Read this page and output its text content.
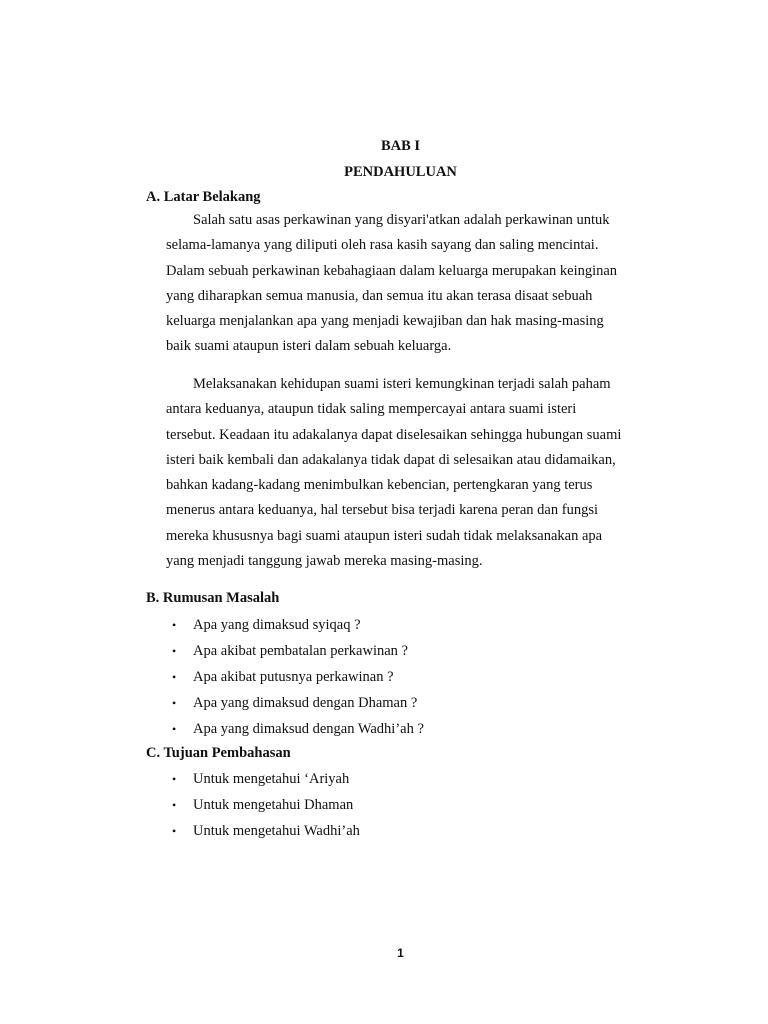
BAB I
PENDAHULUAN
A. Latar Belakang
Salah satu asas perkawinan yang disyari'atkan adalah perkawinan untuk
selama-lamanya yang diliputi oleh rasa kasih sayang dan saling mencintai.
Dalam sebuah perkawinan kebahagiaan dalam keluarga merupakan keinginan
yang diharapkan semua manusia, dan semua itu akan terasa disaat sebuah
keluarga menjalankan apa yang menjadi kewajiban dan hak masing-masing
baik suami ataupun isteri dalam sebuah keluarga.
Melaksanakan kehidupan suami isteri kemungkinan terjadi salah paham
antara keduanya, ataupun tidak saling mempercayai antara suami isteri
tersebut. Keadaan itu adakalanya dapat diselesaikan sehingga hubungan suami
isteri baik kembali dan adakalanya tidak dapat di selesaikan atau didamaikan,
bahkan kadang-kadang menimbulkan kebencian, pertengkaran yang terus
menerus antara keduanya, hal tersebut bisa terjadi karena peran dan fungsi
mereka khususnya bagi suami ataupun isteri sudah tidak melaksanakan apa
yang menjadi tanggung jawab mereka masing-masing.
B. Rumusan Masalah
• Apa yang dimaksud syiqaq ?
• Apa akibat pembatalan perkawinan ?
• Apa akibat putusnya perkawinan ?
• Apa yang dimaksud dengan Dhaman ?
• Apa yang dimaksud dengan Wadhi’ah ?
C. Tujuan Pembahasan
• Untuk mengetahui ‘Ariyah
• Untuk mengetahui Dhaman
• Untuk mengetahui Wadhi’ah
1
